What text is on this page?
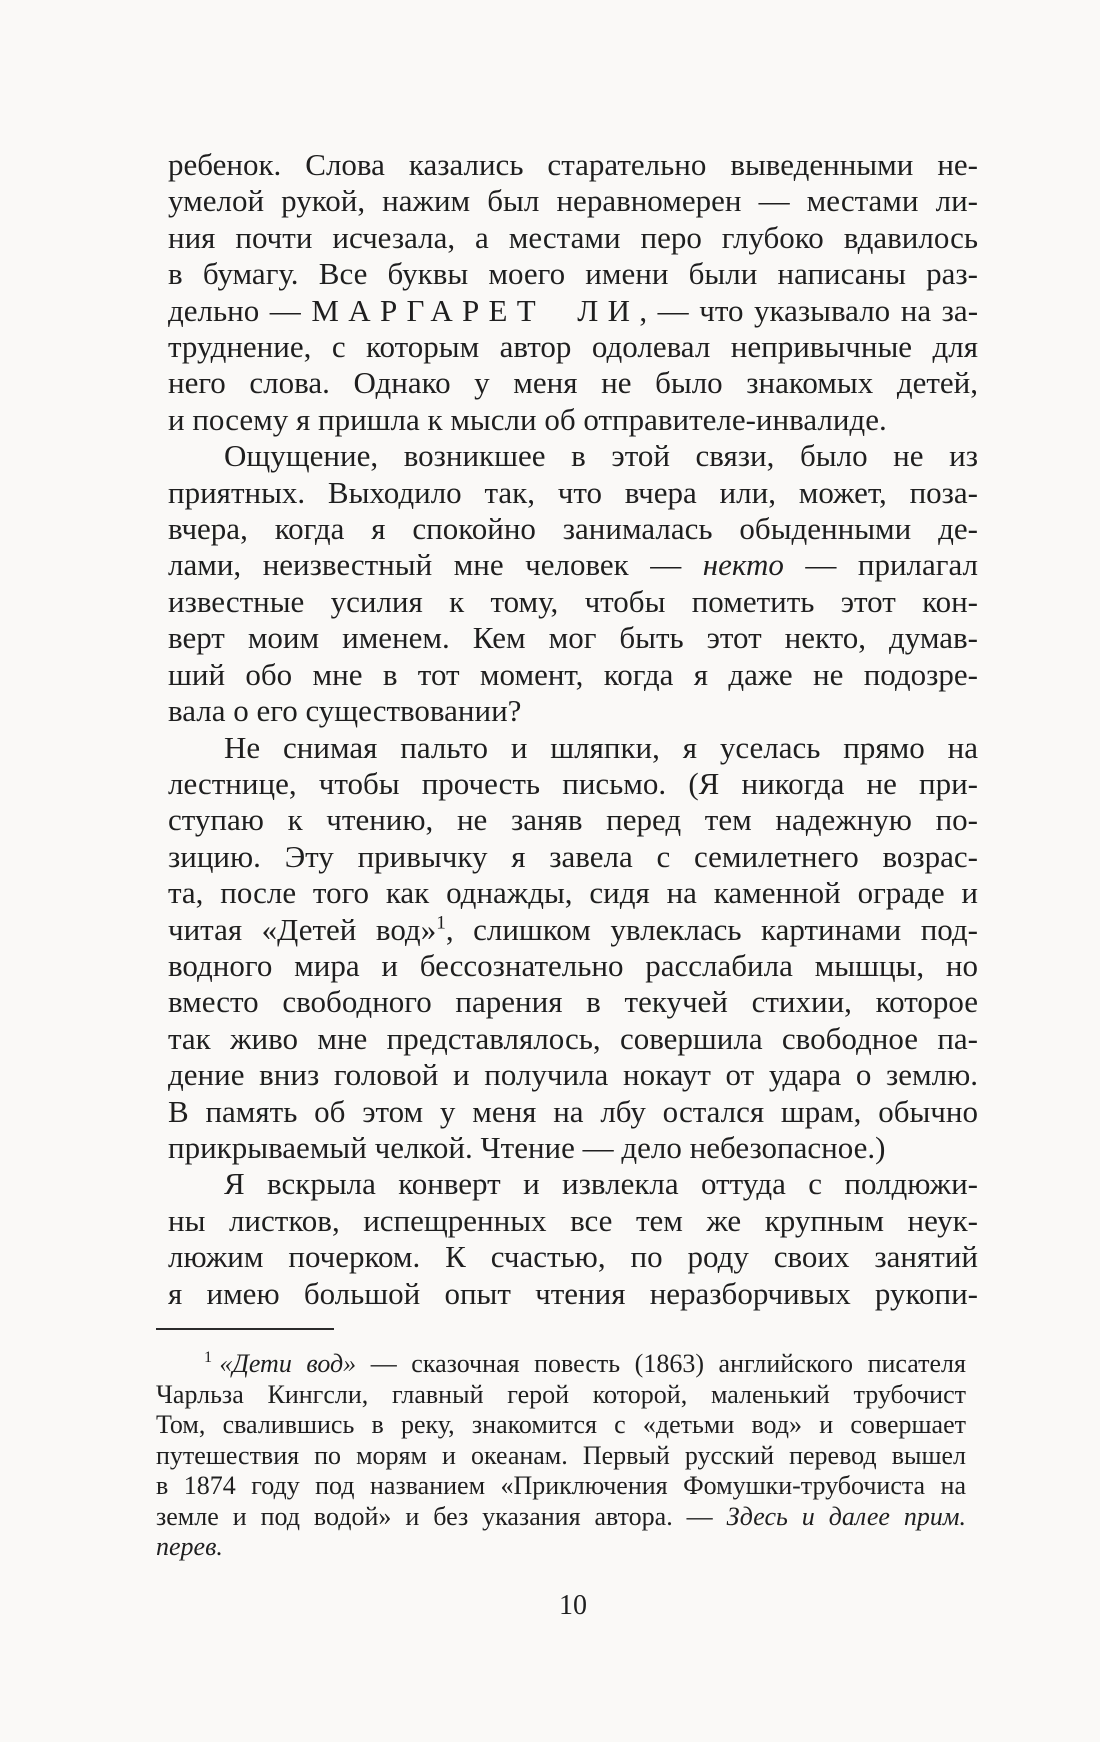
ребенок. Слова казались старательно выведенными не-
умелой рукой, нажим был неравномерен — местами ли-
ния почти исчезала, а местами перо глубоко вдавилось
в бумагу. Все буквы моего имени были написаны раз-
дельно — МАРГАРЕТ ЛИ, — что указывало на за-
труднение, с которым автор одолевал непривычные для
него слова. Однако у меня не было знакомых детей,
и посему я пришла к мысли об отправителе-инвалиде.
Ощущение, возникшее в этой связи, было не из
приятных. Выходило так, что вчера или, может, поза-
вчера, когда я спокойно занималась обыденными де-
лами, неизвестный мне человек — некто — прилагал
известные усилия к тому, чтобы пометить этот кон-
верт моим именем. Кем мог быть этот некто, думав-
ший обо мне в тот момент, когда я даже не подозре-
вала о его существовании?
Не снимая пальто и шляпки, я уселась прямо на
лестнице, чтобы прочесть письмо. (Я никогда не при-
ступаю к чтению, не заняв перед тем надежную по-
зицию. Эту привычку я завела с семилетнего возрас-
та, после того как однажды, сидя на каменной ограде и
читая «Детей вод»$^1$, слишком увлеклась картинами под-
водного мира и бессознательно расслабила мышцы, но
вместо свободного парения в текучей стихии, которое
так живо мне представлялось, совершила свободное па-
дение вниз головой и получила нокаут от удара о землю.
В память об этом у меня на лбу остался шрам, обычно
прикрываемый челкой. Чтение — дело небезопасное.)
Я вскрыла конверт и извлекла оттуда с полдюжи-
ны листков, испещренных все тем же крупным неук-
люжим почерком. К счастью, по роду своих занятий
я имею большой опыт чтения неразборчивых рукопи-
$^1$ «Дети вод» — сказочная повесть (1863) английского писателя
Чарльза Кингсли, главный герой которой, маленький трубочист
Том, свалившись в реку, знакомится с «детьми вод» и совершает
путешествия по морям и океанам. Первый русский перевод вышел
в 1874 году под названием «Приключения Фомушки-трубочиста на
земле и под водой» и без указания автора. — Здесь и далее прим.
перев.
10
